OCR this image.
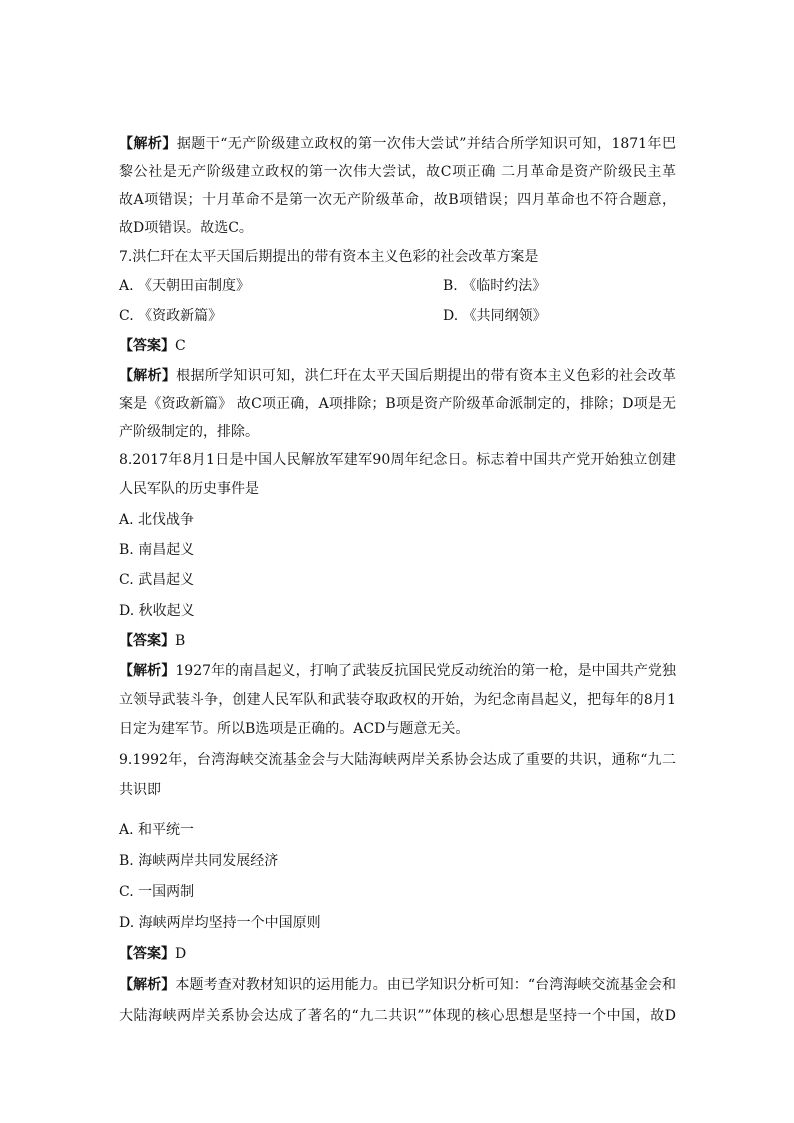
【解析】据题干“无产阶级建立政权的第一次伟大尝试”并结合所学知识可知，1871年巴
黎公社是无产阶级建立政权的第一次伟大尝试，故C项正确 二月革命是资产阶级民主革
故A项错误；十月革命不是第一次无产阶级革命，故B项错误；四月革命也不符合题意，
故D项错误。故选C。
7.洪仁玕在太平天国后期提出的带有资本主义色彩的社会改革方案是
A. 《天朝田亩制度》	B. 《临时约法》
C. 《资政新篇》	D. 《共同纲领》
【答案】C
【解析】根据所学知识可知，洪仁玕在太平天国后期提出的带有资本主义色彩的社会改革
案是《资政新篇》 故C项正确，A项排除；B项是资产阶级革命派制定的，排除；D项是无
产阶级制定的，排除。
8.2017年8月1日是中国人民解放军建军90周年纪念日。标志着中国共产党开始独立创建
人民军队的历史事件是
A. 北伐战争
B. 南昌起义
C. 武昌起义
D. 秋收起义
【答案】B
【解析】1927年的南昌起义，打响了武装反抗国民党反动统治的第一枪，是中国共产党独
立领导武装斗争，创建人民军队和武装夺取政权的开始，为纪念南昌起义，把每年的8月1
日定为建军节。所以B选项是正确的。ACD与题意无关。
9.1992年，台湾海峡交流基金会与大陆海峡两岸关系协会达成了重要的共识，通称“九二
共识即
A. 和平统一
B. 海峡两岸共同发展经济
C. 一国两制
D. 海峡两岸均坚持一个中国原则
【答案】D
【解析】本题考查对教材知识的运用能力。由已学知识分析可知：“台湾海峡交流基金会和
大陆海峡两岸关系协会达成了著名的“九二共识””体现的核心思想是坚持一个中国，故D
